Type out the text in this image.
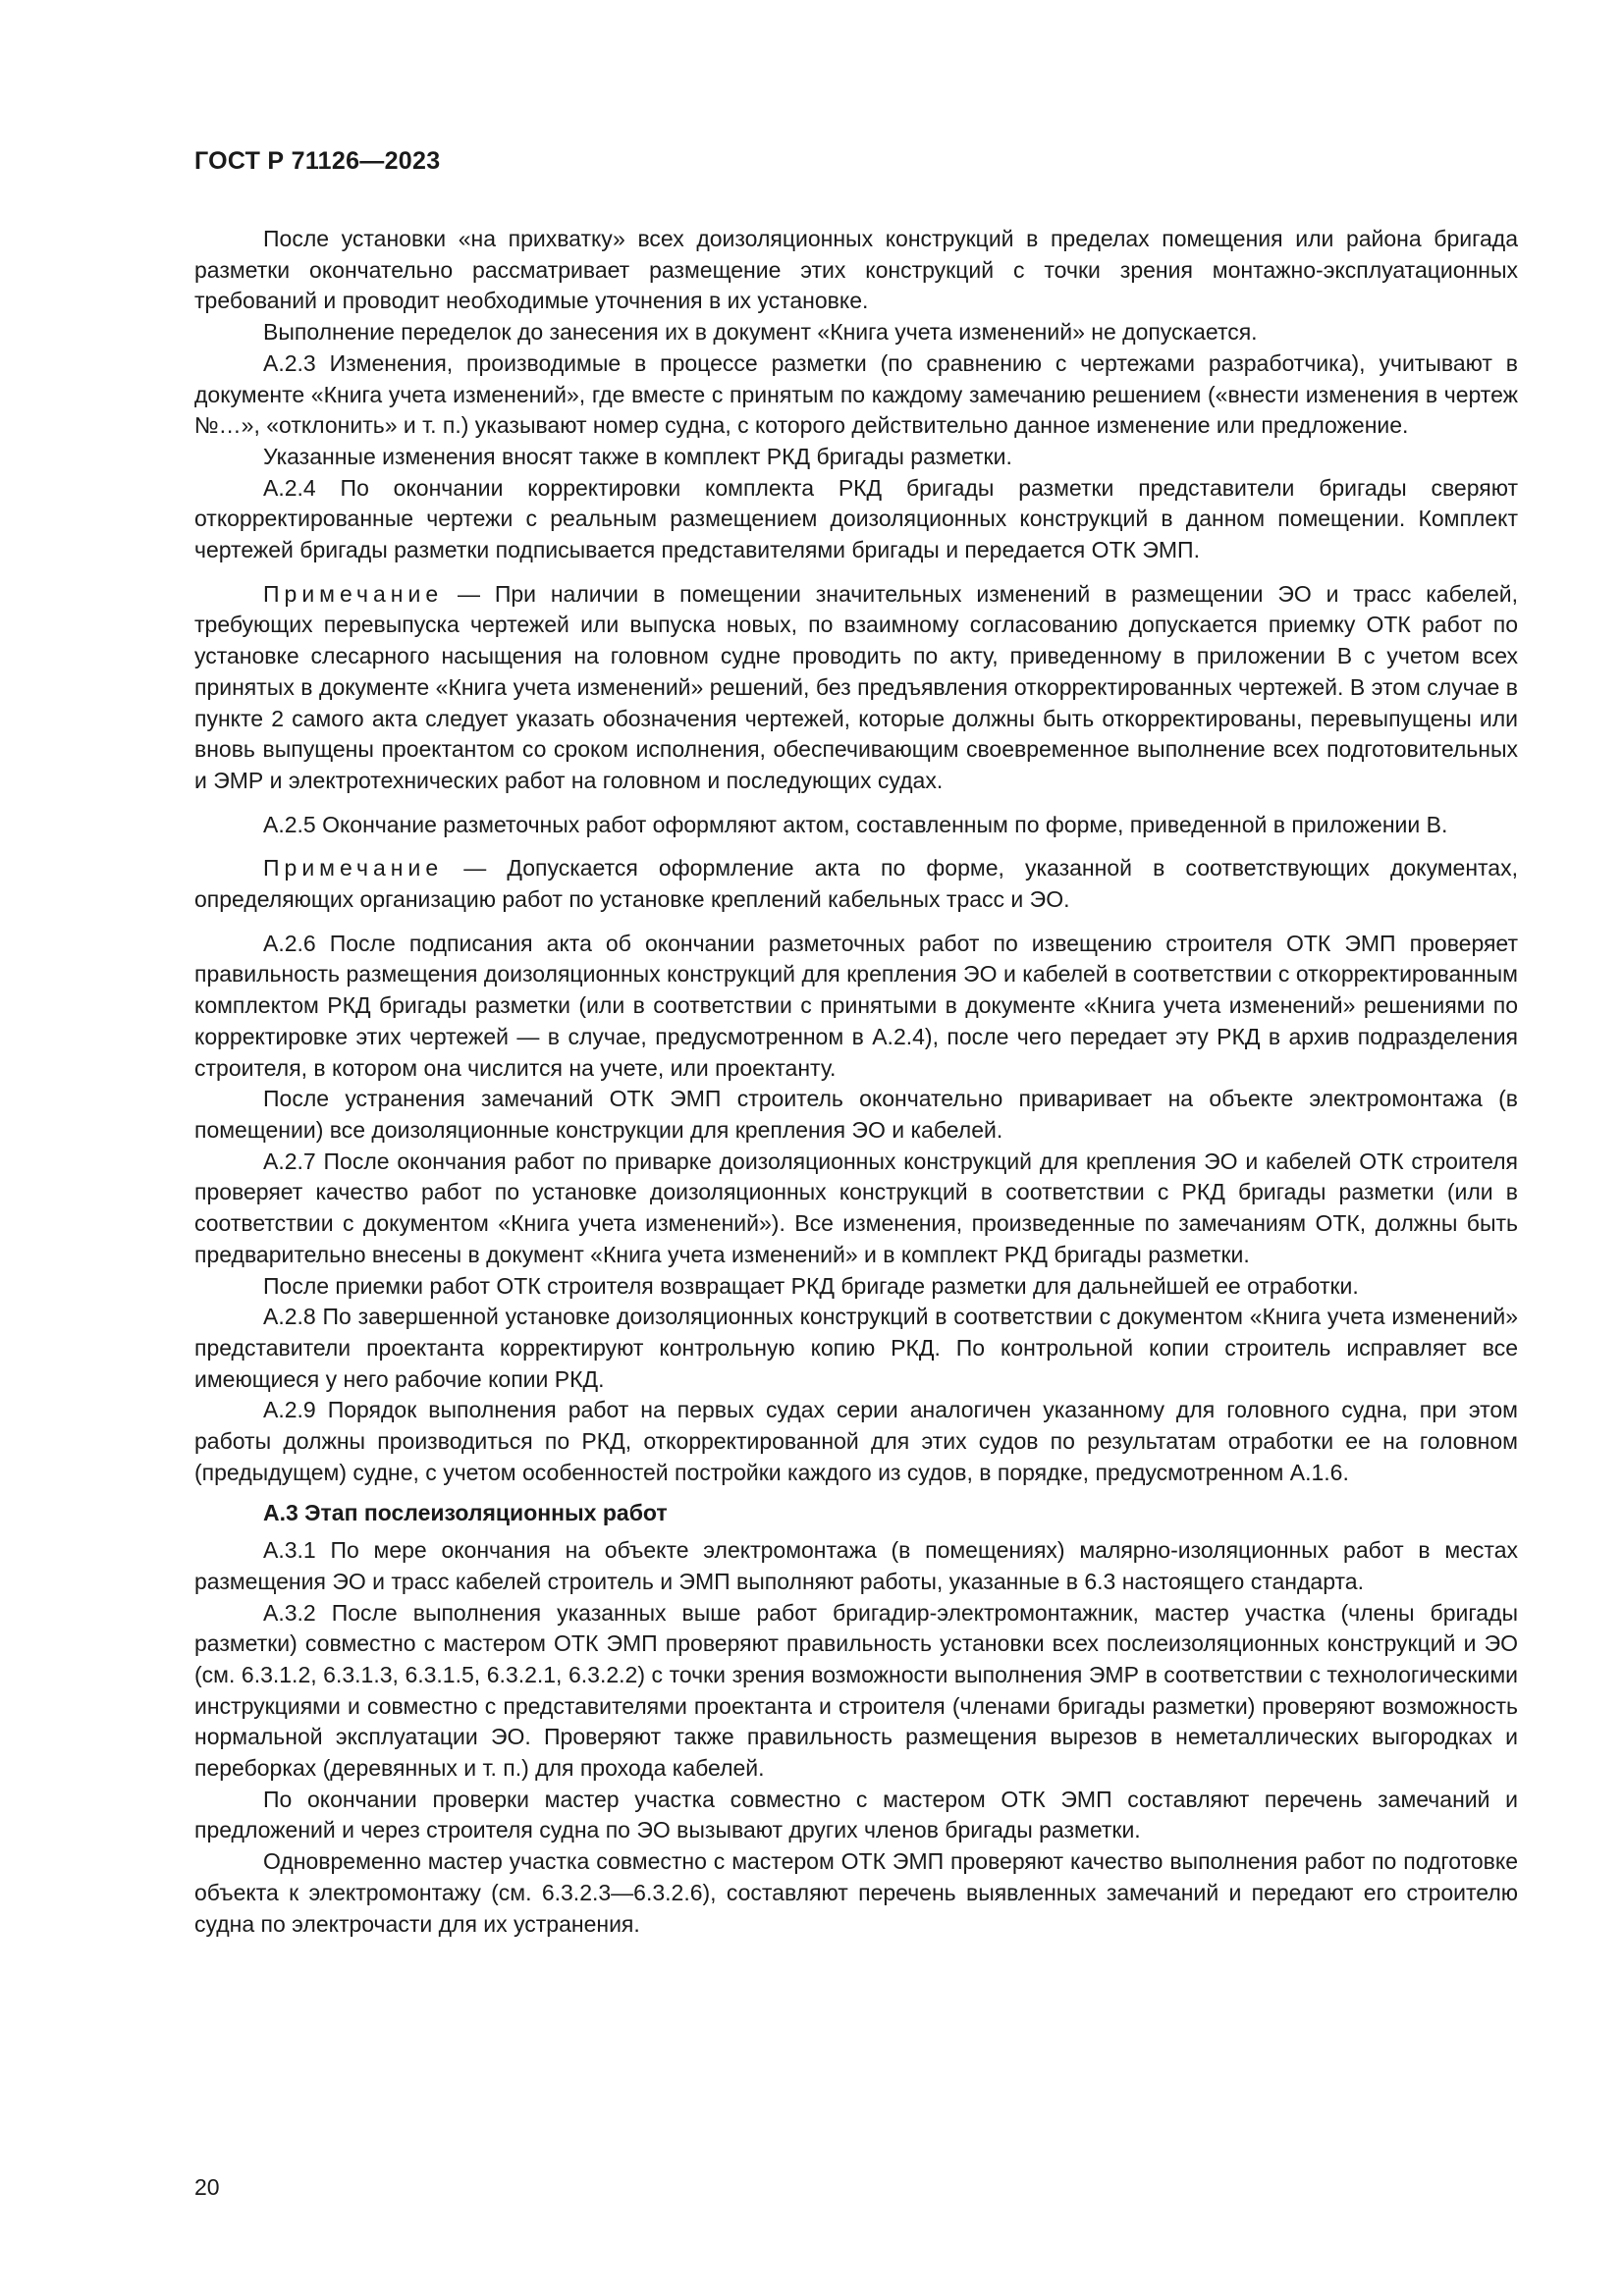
ГОСТ Р 71126—2023

После установки «на прихватку» всех доизоляционных конструкций в пределах помещения или района бригада разметки окончательно рассматривает размещение этих конструкций с точки зрения монтажно-эксплуатационных требований и проводит необходимые уточнения в их установке.

Выполнение переделок до занесения их в документ «Книга учета изменений» не допускается.

А.2.3 Изменения, производимые в процессе разметки (по сравнению с чертежами разработчика), учитывают в документе «Книга учета изменений», где вместе с принятым по каждому замечанию решением («внести изменения в чертеж №…», «отклонить» и т. п.) указывают номер судна, с которого действительно данное изменение или предложение.

Указанные изменения вносят также в комплект РКД бригады разметки.

А.2.4 По окончании корректировки комплекта РКД бригады разметки представители бригады сверяют откорректированные чертежи с реальным размещением доизоляционных конструкций в данном помещении. Комплект чертежей бригады разметки подписывается представителями бригады и передается ОТК ЭМП.

Примечание — При наличии в помещении значительных изменений в размещении ЭО и трасс кабелей, требующих перевыпуска чертежей или выпуска новых, по взаимному согласованию допускается приемку ОТК работ по установке слесарного насыщения на головном судне проводить по акту, приведенному в приложении В с учетом всех принятых в документе «Книга учета изменений» решений, без предъявления откорректированных чертежей. В этом случае в пункте 2 самого акта следует указать обозначения чертежей, которые должны быть откорректированы, перевыпущены или вновь выпущены проектантом со сроком исполнения, обеспечивающим своевременное выполнение всех подготовительных и ЭМР и электротехнических работ на головном и последующих судах.

А.2.5 Окончание разметочных работ оформляют актом, составленным по форме, приведенной в приложении В.

Примечание — Допускается оформление акта по форме, указанной в соответствующих документах, определяющих организацию работ по установке креплений кабельных трасс и ЭО.

А.2.6 После подписания акта об окончании разметочных работ по извещению строителя ОТК ЭМП проверяет правильность размещения доизоляционных конструкций для крепления ЭО и кабелей в соответствии с откорректированным комплектом РКД бригады разметки (или в соответствии с принятыми в документе «Книга учета изменений» решениями по корректировке этих чертежей — в случае, предусмотренном в А.2.4), после чего передает эту РКД в архив подразделения строителя, в котором она числится на учете, или проектанту.

После устранения замечаний ОТК ЭМП строитель окончательно приваривает на объекте электромонтажа (в помещении) все доизоляционные конструкции для крепления ЭО и кабелей.

А.2.7 После окончания работ по приварке доизоляционных конструкций для крепления ЭО и кабелей ОТК строителя проверяет качество работ по установке доизоляционных конструкций в соответствии с РКД бригады разметки (или в соответствии с документом «Книга учета изменений»). Все изменения, произведенные по замечаниям ОТК, должны быть предварительно внесены в документ «Книга учета изменений» и в комплект РКД бригады разметки.

После приемки работ ОТК строителя возвращает РКД бригаде разметки для дальнейшей ее отработки.

А.2.8 По завершенной установке доизоляционных конструкций в соответствии с документом «Книга учета изменений» представители проектанта корректируют контрольную копию РКД. По контрольной копии строитель исправляет все имеющиеся у него рабочие копии РКД.

А.2.9 Порядок выполнения работ на первых судах серии аналогичен указанному для головного судна, при этом работы должны производиться по РКД, откорректированной для этих судов по результатам отработки ее на головном (предыдущем) судне, с учетом особенностей постройки каждого из судов, в порядке, предусмотренном А.1.6.

А.3 Этап послеизоляционных работ

А.3.1 По мере окончания на объекте электромонтажа (в помещениях) малярно-изоляционных работ в местах размещения ЭО и трасс кабелей строитель и ЭМП выполняют работы, указанные в 6.3 настоящего стандарта.

А.3.2 После выполнения указанных выше работ бригадир-электромонтажник, мастер участка (члены бригады разметки) совместно с мастером ОТК ЭМП проверяют правильность установки всех послеизоляционных конструкций и ЭО (см. 6.3.1.2, 6.3.1.3, 6.3.1.5, 6.3.2.1, 6.3.2.2) с точки зрения возможности выполнения ЭМР в соответствии с технологическими инструкциями и совместно с представителями проектанта и строителя (членами бригады разметки) проверяют возможность нормальной эксплуатации ЭО. Проверяют также правильность размещения вырезов в неметаллических выгородках и переборках (деревянных и т. п.) для прохода кабелей.

По окончании проверки мастер участка совместно с мастером ОТК ЭМП составляют перечень замечаний и предложений и через строителя судна по ЭО вызывают других членов бригады разметки.

Одновременно мастер участка совместно с мастером ОТК ЭМП проверяют качество выполнения работ по подготовке объекта к электромонтажу (см. 6.3.2.3—6.3.2.6), составляют перечень выявленных замечаний и передают его строителю судна по электрочасти для их устранения.

20
